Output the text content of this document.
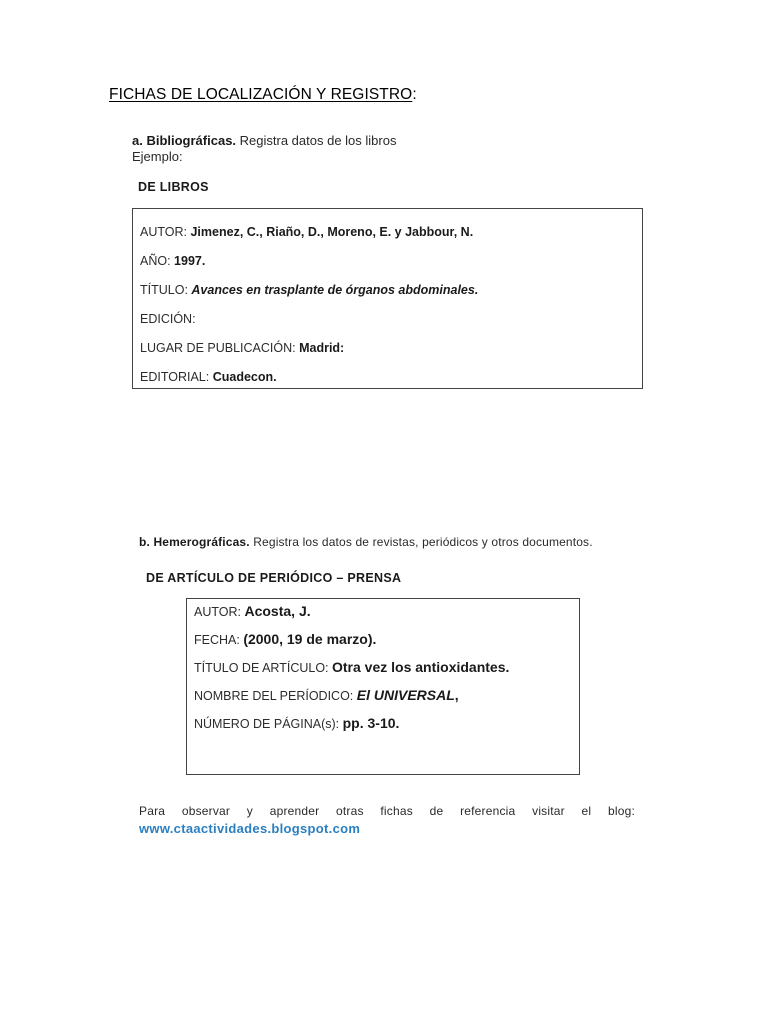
FICHAS DE LOCALIZACIÓN Y REGISTRO:
a. Bibliográficas. Registra datos de los libros
Ejemplo:
DE LIBROS
AUTOR: Jimenez, C., Riaño, D., Moreno, E. y Jabbour, N.
AÑO: 1997.
TÍTULO: Avances en trasplante de órganos abdominales.
EDICIÓN:
LUGAR DE PUBLICACIÓN: Madrid:
EDITORIAL: Cuadecon.
b. Hemerográficas. Registra los datos de revistas, periódicos y otros documentos.
DE ARTÍCULO DE PERIÓDICO – PRENSA
AUTOR: Acosta, J.
FECHA: (2000, 19 de marzo).
TÍTULO DE ARTÍCULO: Otra vez los antioxidantes.
NOMBRE DEL PERÍODICO: El UNIVERSAL,
NÚMERO DE PÁGINA(s): pp. 3-10.
Para observar y aprender otras fichas de referencia visitar el blog:
www.ctaactividades.blogspot.com
